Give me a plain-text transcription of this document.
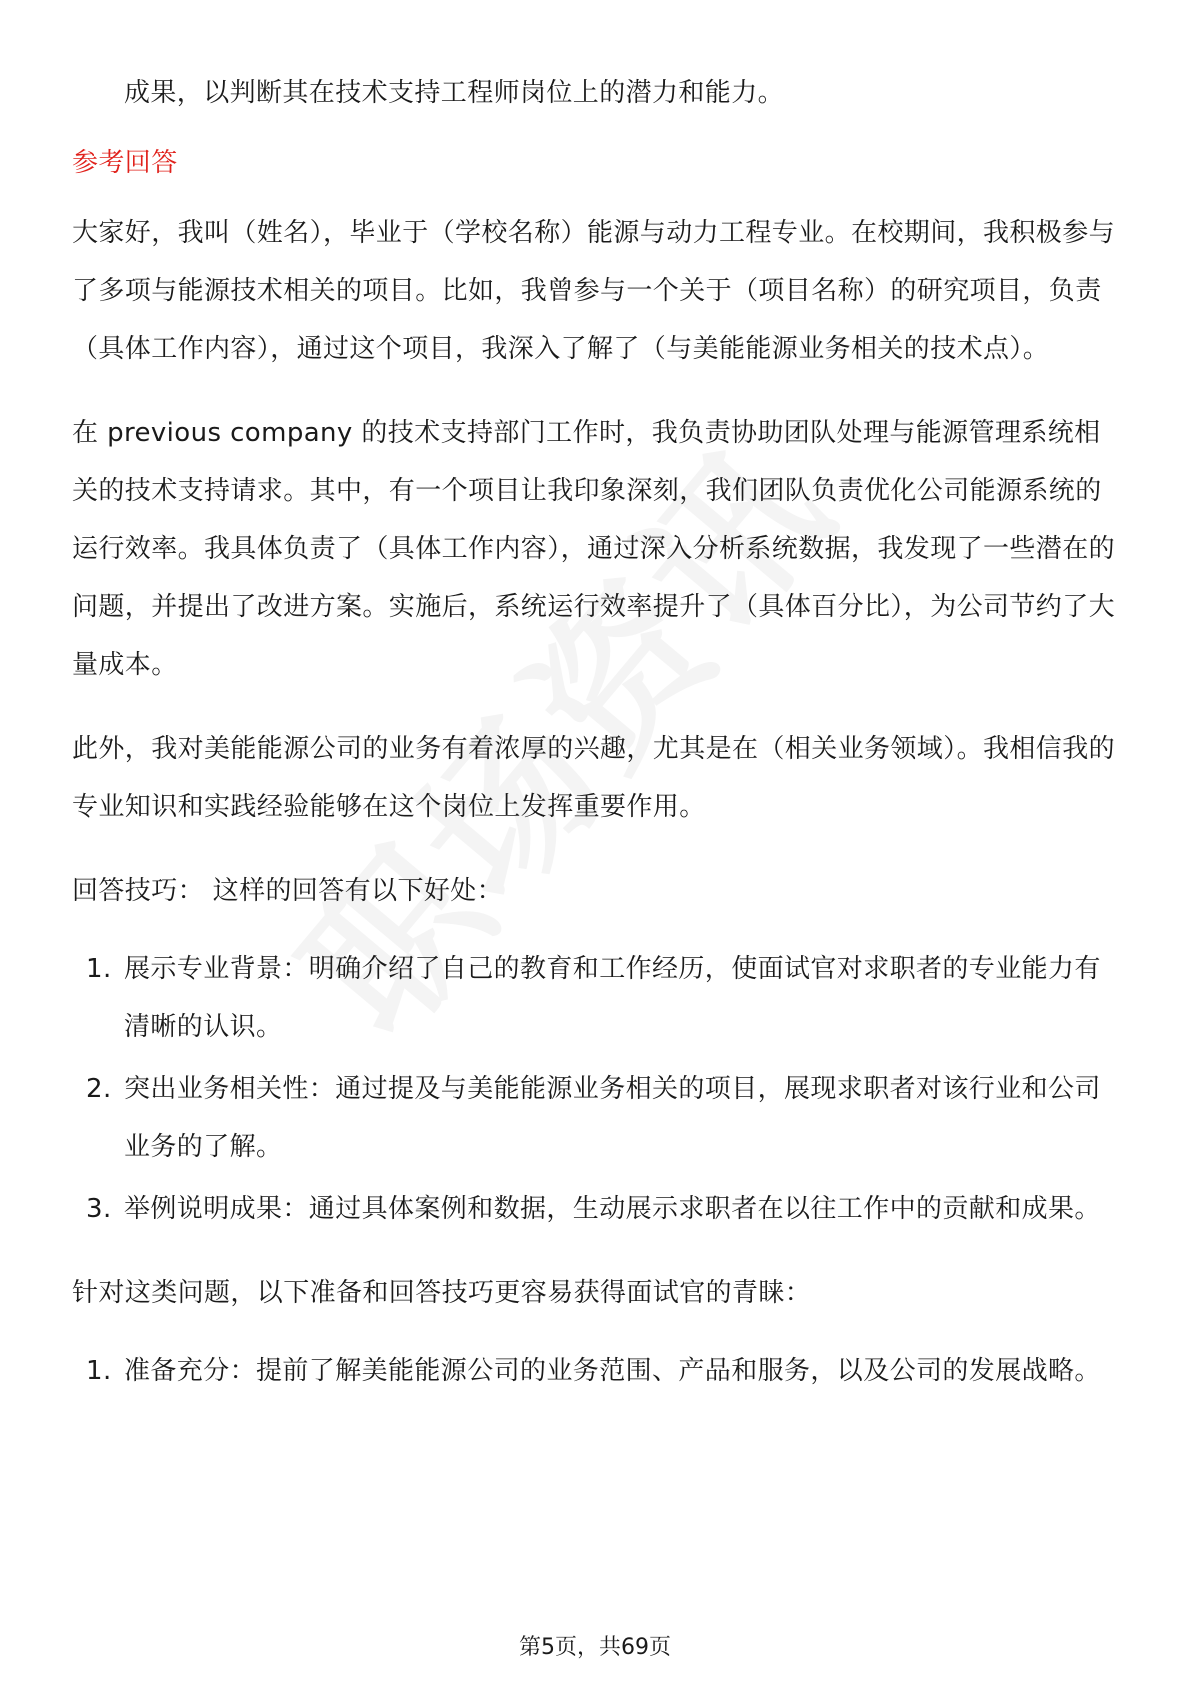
成果，以判断其在技术支持工程师岗位上的潜力和能力。

参考回答

大家好，我叫（姓名），毕业于（学校名称）能源与动力工程专业。在校期间，我积极参与了多项与能源技术相关的项目。比如，我曾参与一个关于（项目名称）的研究项目，负责（具体工作内容），通过这个项目，我深入了解了（与美能能源业务相关的技术点）。

在 previous company 的技术支持部门工作时，我负责协助团队处理与能源管理系统相关的技术支持请求。其中，有一个项目让我印象深刻，我们团队负责优化公司能源系统的运行效率。我具体负责了（具体工作内容），通过深入分析系统数据，我发现了一些潜在的问题，并提出了改进方案。实施后，系统运行效率提升了（具体百分比），为公司节约了大量成本。

此外，我对美能能源公司的业务有着浓厚的兴趣，尤其是在（相关业务领域）。我相信我的专业知识和实践经验能够在这个岗位上发挥重要作用。

回答技巧： 这样的回答有以下好处：

1. 展示专业背景：明确介绍了自己的教育和工作经历，使面试官对求职者的专业能力有清晰的认识。
2. 突出业务相关性：通过提及与美能能源业务相关的项目，展现求职者对该行业和公司业务的了解。
3. 举例说明成果：通过具体案例和数据，生动展示求职者在以往工作中的贡献和成果。

针对这类问题，以下准备和回答技巧更容易获得面试官的青睐：

1. 准备充分：提前了解美能能源公司的业务范围、产品和服务，以及公司的发展战略。
第5页，共69页
